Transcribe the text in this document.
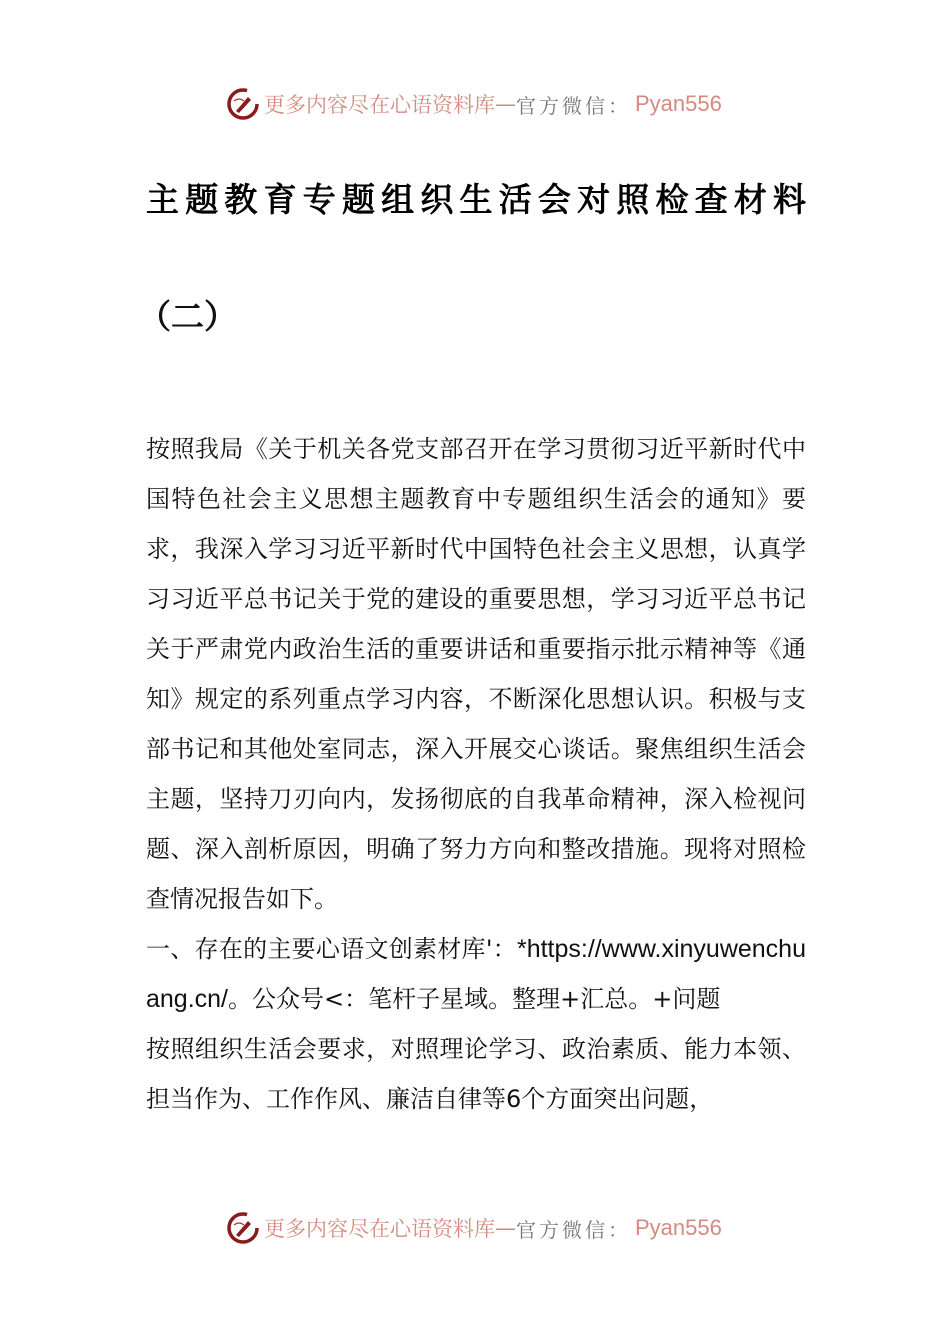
更多内容尽在心语资料库 — 官方微信： Pyan556
主题教育专题组织生活会对照检查材料
（二）

按照我局《关于机关各党支部召开在学习贯彻习近平新时代中国特色社会主义思想主题教育中专题组织生活会的通知》要求，我深入学习习近平新时代中国特色社会主义思想，认真学习习近平总书记关于党的建设的重要思想，学习习近平总书记关于严肃党内政治生活的重要讲话和重要指示批示精神等《通知》规定的系列重点学习内容，不断深化思想认识。积极与支部书记和其他处室同志，深入开展交心谈话。聚焦组织生活会主题，坚持刀刃向内，发扬彻底的自我革命精神，深入检视问题、深入剖析原因，明确了努力方向和整改措施。现将对照检查情况报告如下。

一、存在的主要心语文创素材库'：*https://www.xinyuwenchuang.cn/。公众号<：笔杆子星域。整理+汇总。+问题

按照组织生活会要求，对照理论学习、政治素质、能力本领、担当作为、工作作风、廉洁自律等6个方面突出问题，

更多内容尽在心语资料库 — 官方微信： Pyan556
